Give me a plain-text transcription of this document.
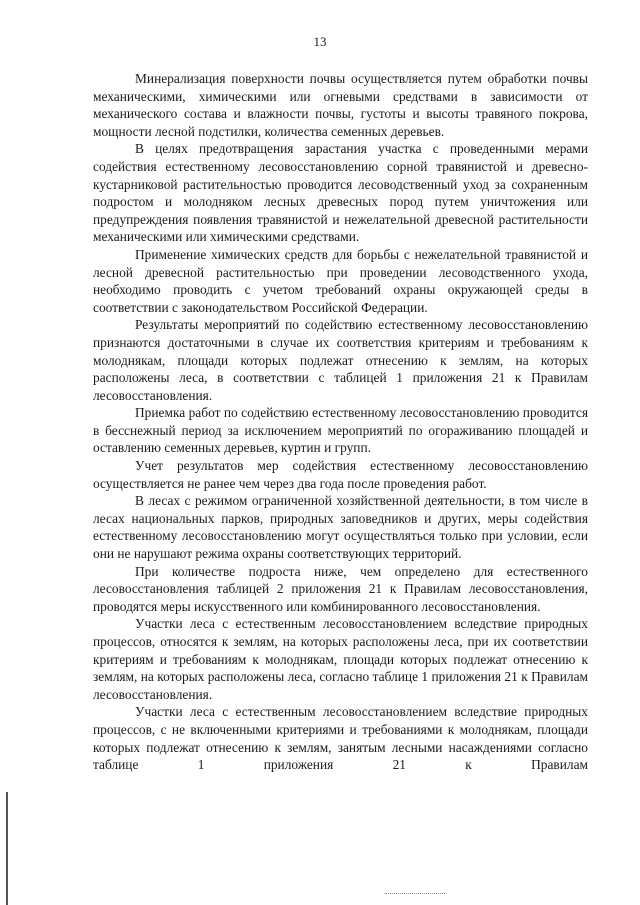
13

Минерализация поверхности почвы осуществляется путем обработки почвы механическими, химическими или огневыми средствами в зависимости от механического состава и влажности почвы, густоты и высоты травяного покрова, мощности лесной подстилки, количества семенных деревьев.

В целях предотвращения зарастания участка с проведенными мерами содействия естественному лесовосстановлению сорной травянистой и древесно-кустарниковой растительностью проводится лесоводственный уход за сохраненным подростом и молодняком лесных древесных пород путем уничтожения или предупреждения появления травянистой и нежелательной древесной растительности механическими или химическими средствами.

Применение химических средств для борьбы с нежелательной травянистой и лесной древесной растительностью при проведении лесоводственного ухода, необходимо проводить с учетом требований охраны окружающей среды в соответствии с законодательством Российской Федерации.

Результаты мероприятий по содействию естественному лесовосстановлению признаются достаточными в случае их соответствия критериям и требованиям к молоднякам, площади которых подлежат отнесению к землям, на которых расположены леса, в соответствии с таблицей 1 приложения 21 к Правилам лесовосстановления.

Приемка работ по содействию естественному лесовосстановлению проводится в бесснежный период за исключением мероприятий по огораживанию площадей и оставлению семенных деревьев, куртин и групп.

Учет результатов мер содействия естественному лесовосстановлению осуществляется не ранее чем через два года после проведения работ.

В лесах с режимом ограниченной хозяйственной деятельности, в том числе в лесах национальных парков, природных заповедников и других, меры содействия естественному лесовосстановлению могут осуществляться только при условии, если они не нарушают режима охраны соответствующих территорий.

При количестве подроста ниже, чем определено для естественного лесовосстановления таблицей 2 приложения 21 к Правилам лесовосстановления, проводятся меры искусственного или комбинированного лесовосстановления.

Участки леса с естественным лесовосстановлением вследствие природных процессов, относятся к землям, на которых расположены леса, при их соответствии критериям и требованиям к молоднякам, площади которых подлежат отнесению к землям, на которых расположены леса, согласно таблице 1 приложения 21 к Правилам лесовосстановления.

Участки леса с естественным лесовосстановлением вследствие природных процессов, с не включенными критериями и требованиями к молоднякам, площади которых подлежат отнесению к землям, занятым лесными насаждениями согласно таблице 1 приложения 21 к Правилам
